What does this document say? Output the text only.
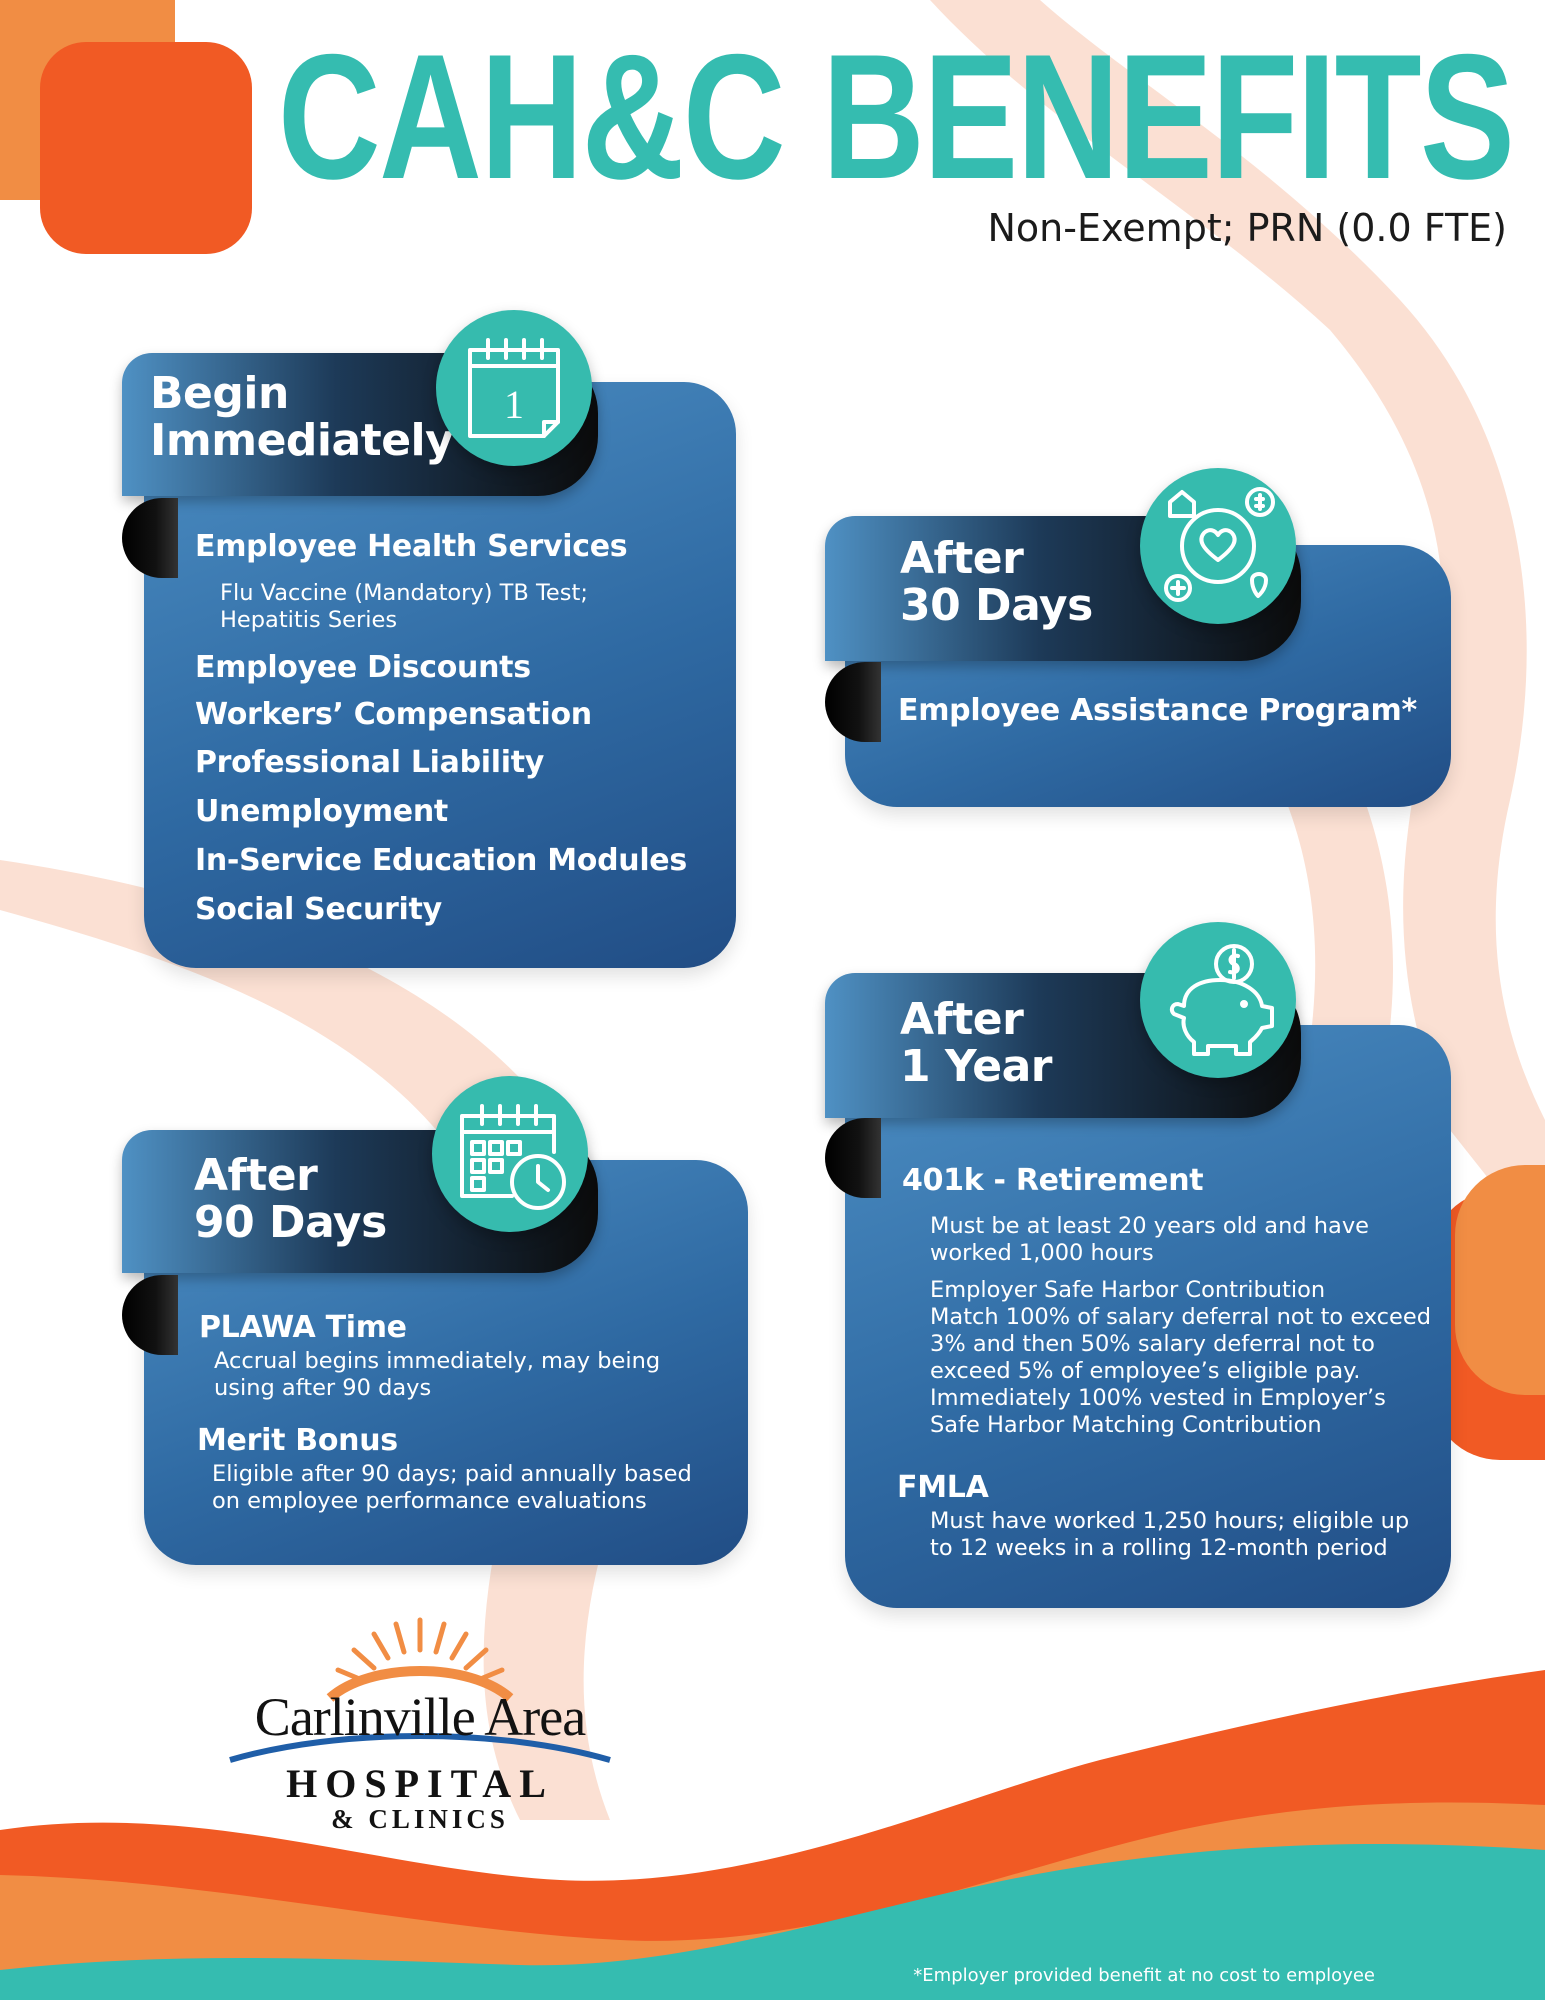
CAH&C BENEFITS
Non-Exempt; PRN (0.0 FTE)
Begin
Immediately
1
Employee Health Services
Flu Vaccine (Mandatory) TB Test;
Hepatitis Series
Employee Discounts
Workers’ Compensation
Professional Liability
Unemployment
In-Service Education Modules
Social Security
After
30 Days
Employee Assistance Program*
After
90 Days
PLAWA Time
Accrual begins immediately, may being
using after 90 days
Merit Bonus
Eligible after 90 days; paid annually based
on employee performance evaluations
After
1 Year
401k - Retirement
Must be at least 20 years old and have
worked 1,000 hours
Employer Safe Harbor Contribution
Match 100% of salary deferral not to exceed
3% and then 50% salary deferral not to
exceed 5% of employee’s eligible pay.
Immediately 100% vested in Employer’s
Safe Harbor Matching Contribution
FMLA
Must have worked 1,250 hours; eligible up
to 12 weeks in a rolling 12-month period
Carlinville Area
HOSPITAL
& CLINICS
*Employer provided benefit at no cost to employee
